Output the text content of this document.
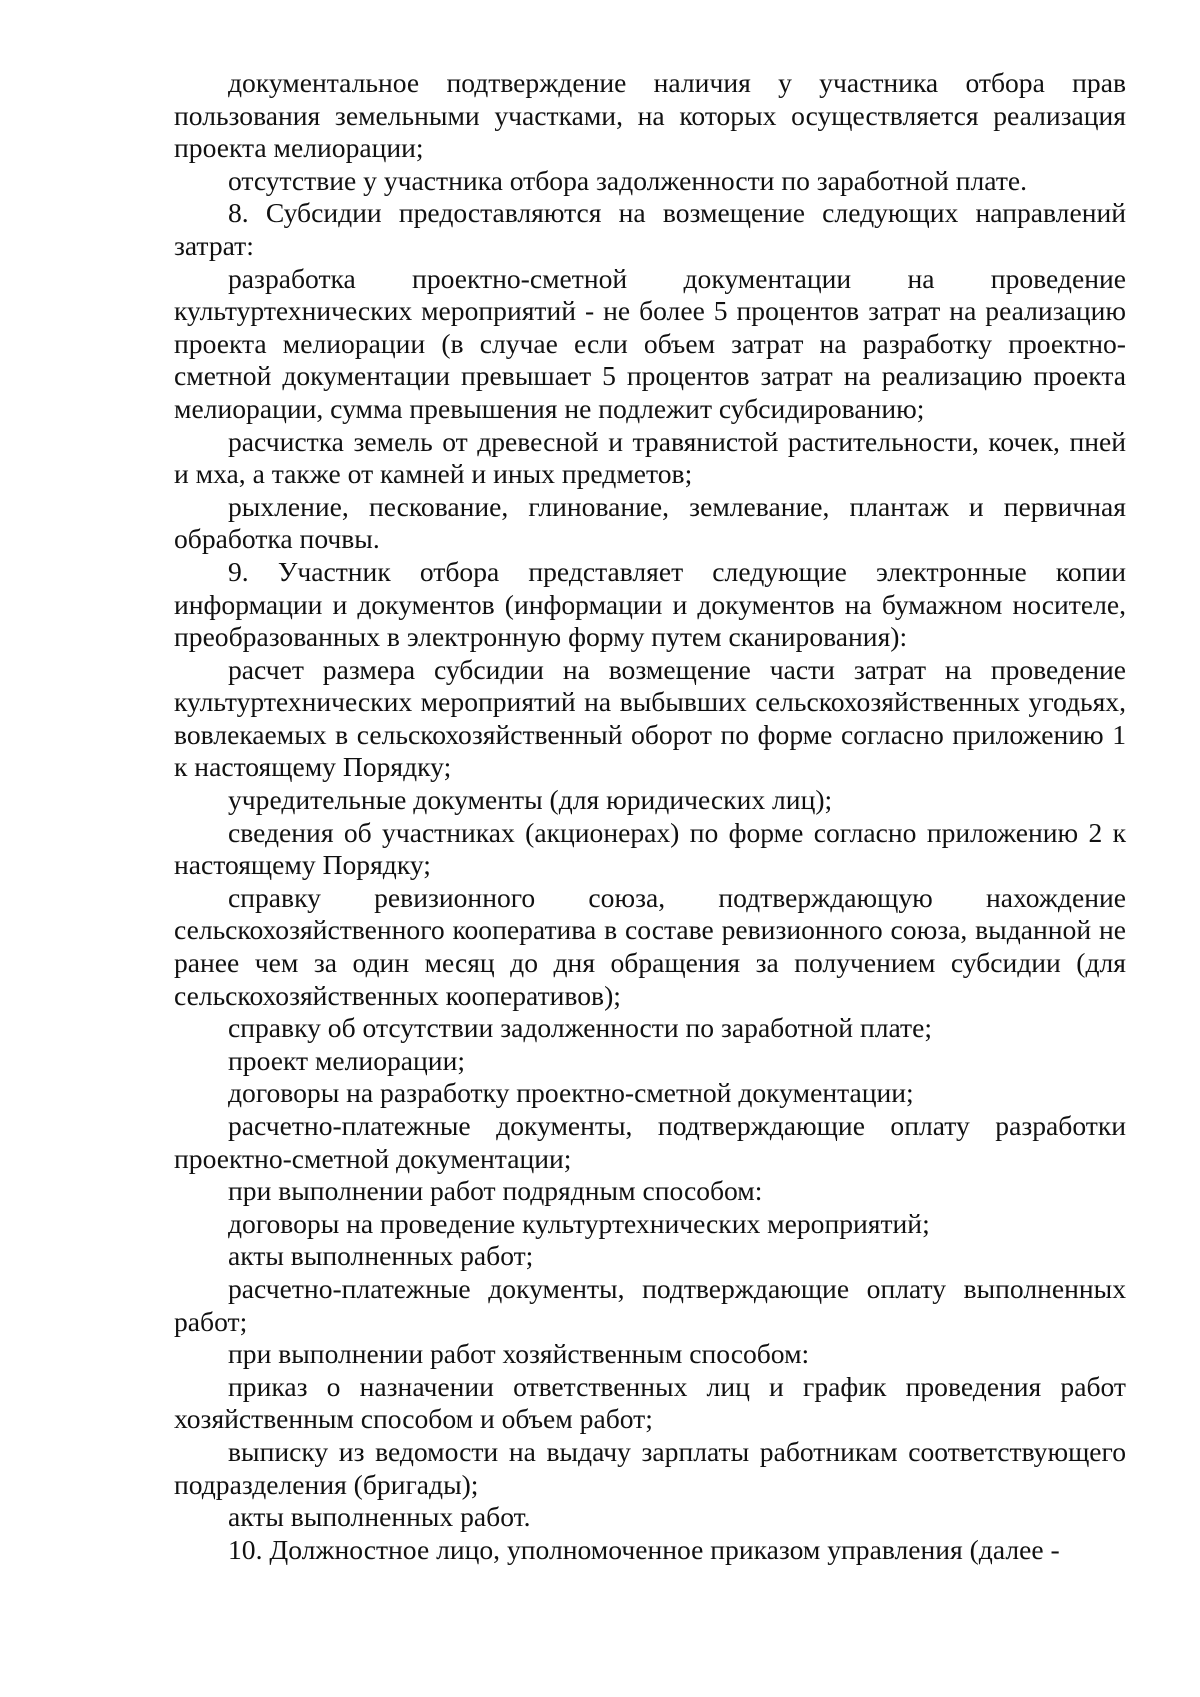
документальное подтверждение наличия у участника отбора прав пользования земельными участками, на которых осуществляется реализация проекта мелиорации;

отсутствие у участника отбора задолженности по заработной плате.

8. Субсидии предоставляются на возмещение следующих направлений затрат:

разработка проектно-сметной документации на проведение культуртехнических мероприятий - не более 5 процентов затрат на реализацию проекта мелиорации (в случае если объем затрат на разработку проектно-сметной документации превышает 5 процентов затрат на реализацию проекта мелиорации, сумма превышения не подлежит субсидированию;

расчистка земель от древесной и травянистой растительности, кочек, пней и мха, а также от камней и иных предметов;

рыхление, пескование, глинование, землевание, плантаж и первичная обработка почвы.

9. Участник отбора представляет следующие электронные копии информации и документов (информации и документов на бумажном носителе, преобразованных в электронную форму путем сканирования):

расчет размера субсидии на возмещение части затрат на проведение культуртехнических мероприятий на выбывших сельскохозяйственных угодьях, вовлекаемых в сельскохозяйственный оборот по форме согласно приложению 1 к настоящему Порядку;

учредительные документы (для юридических лиц);

сведения об участниках (акционерах) по форме согласно приложению 2 к настоящему Порядку;

справку ревизионного союза, подтверждающую нахождение сельскохозяйственного кооператива в составе ревизионного союза, выданной не ранее чем за один месяц до дня обращения за получением субсидии (для сельскохозяйственных кооперативов);

справку об отсутствии задолженности по заработной плате;

проект мелиорации;

договоры на разработку проектно-сметной документации;

расчетно-платежные документы, подтверждающие оплату разработки проектно-сметной документации;

при выполнении работ подрядным способом:

договоры на проведение культуртехнических мероприятий;

акты выполненных работ;

расчетно-платежные документы, подтверждающие оплату выполненных работ;

при выполнении работ хозяйственным способом:

приказ о назначении ответственных лиц и график проведения работ хозяйственным способом и объем работ;

выписку из ведомости на выдачу зарплаты работникам соответствующего подразделения (бригады);

акты выполненных работ.

10. Должностное лицо, уполномоченное приказом управления (далее -
